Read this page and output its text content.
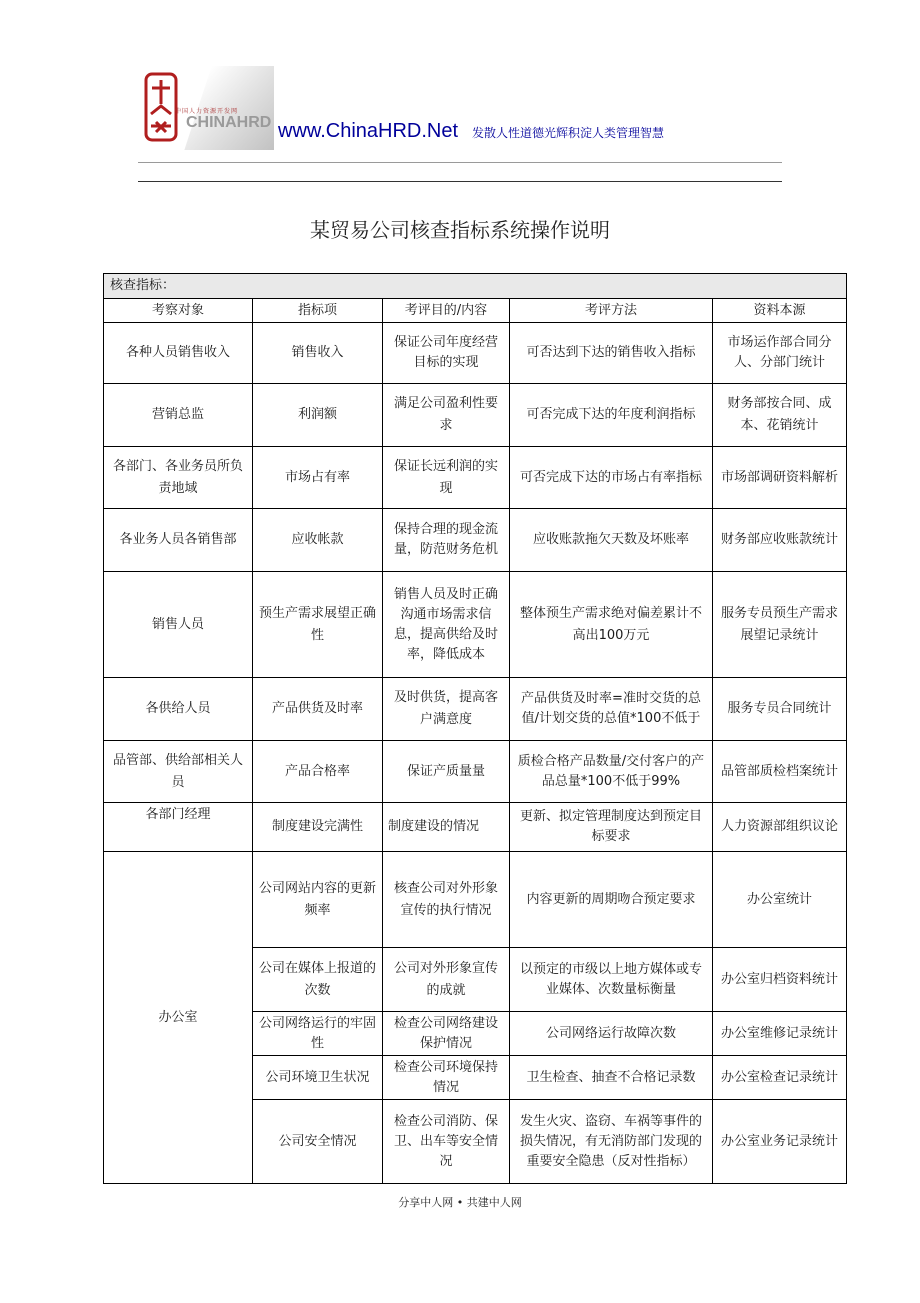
中国人力资源开发网
CHINAHRD www.ChinaHRD.Net 发散人性道德光辉积淀人类管理智慧
某贸易公司核查指标系统操作说明
核查指标：				
考察对象	指标项	考评目的/内容	考评方法	资料本源
各种人员销售收入	销售收入	保证公司年度经营目标的实现	可否达到下达的销售收入指标	市场运作部合同分人、分部门统计
营销总监	利润额	满足公司盈利性要求	可否完成下达的年度利润指标	财务部按合同、成本、花销统计
各部门、各业务员所负责地域	市场占有率	保证长远利润的实现	可否完成下达的市场占有率指标	市场部调研资料解析
各业务人员各销售部	应收帐款	保持合理的现金流量，防范财务危机	应收账款拖欠天数及坏账率	财务部应收账款统计
销售人员	预生产需求展望正确性	销售人员及时正确沟通市场需求信息，提高供给及时率，降低成本	整体预生产需求绝对偏差累计不高出100万元	服务专员预生产需求展望记录统计
各供给人员	产品供货及时率	及时供货，提高客户满意度	产品供货及时率=准时交货的总值/计划交货的总值*100不低于	服务专员合同统计
品管部、供给部相关人员	产品合格率	保证产质量量	质检合格产品数量/交付客户的产品总量*100不低于99%	品管部质检档案统计
各部门经理	制度建设完满性	制度建设的情况	更新、拟定管理制度达到预定目标要求	人力资源部组织议论
办公室	公司网站内容的更新频率	核查公司对外形象宣传的执行情况	内容更新的周期吻合预定要求	办公室统计
	公司在媒体上报道的次数	公司对外形象宣传的成就	以预定的市级以上地方媒体或专业媒体、次数量标衡量	办公室归档资料统计
	公司网络运行的牢固性	检查公司网络建设保护情况	公司网络运行故障次数	办公室维修记录统计
	公司环境卫生状况	检查公司环境保持情况	卫生检查、抽查不合格记录数	办公室检查记录统计
	公司安全情况	检查公司消防、保卫、出车等安全情况	发生火灾、盗窃、车祸等事件的损失情况，有无消防部门发现的重要安全隐患（反对性指标）	办公室业务记录统计
分享中人网 • 共建中人网
